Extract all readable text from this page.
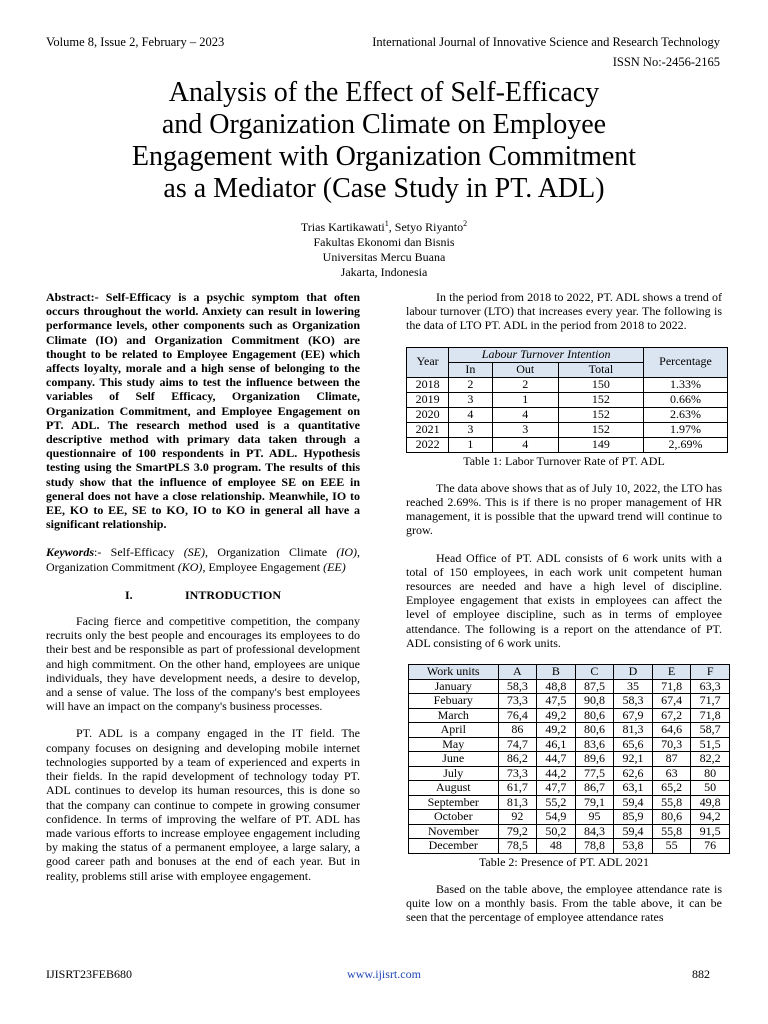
Volume 8, Issue 2, February – 2023	International Journal of Innovative Science and Research Technology
ISSN No:-2456-2165
Analysis of the Effect of Self-Efficacy
and Organization Climate on Employee
Engagement with Organization Commitment
as a Mediator (Case Study in PT. ADL)
Trias Kartikawati$^1$, Setyo Riyanto$^2$
Fakultas Ekonomi dan Bisnis
Universitas Mercu Buana
Jakarta, Indonesia

Abstract:- Self-Efficacy is a psychic symptom that often occurs throughout the world. Anxiety can result in lowering performance levels, other components such as Organization Climate (IO) and Organization Commitment (KO) are thought to be related to Employee Engagement (EE) which affects loyalty, morale and a high sense of belonging to the company. This study aims to test the influence between the variables of Self Efficacy, Organization Climate, Organization Commitment, and Employee Engagement on PT. ADL. The research method used is a quantitative descriptive method with primary data taken through a questionnaire of 100 respondents in PT. ADL. Hypothesis testing using the SmartPLS 3.0 program. The results of this study show that the influence of employee SE on EEE in general does not have a close relationship. Meanwhile, IO to EE, KO to EE, SE to KO, IO to KO in general all have a significant relationship.

Keywords:- Self-Efficacy (SE), Organization Climate (IO), Organization Commitment (KO), Employee Engagement (EE)

I.	INTRODUCTION

Facing fierce and competitive competition, the company recruits only the best people and encourages its employees to do their best and be responsible as part of professional development and high commitment. On the other hand, employees are unique individuals, they have development needs, a desire to develop, and a sense of value. The loss of the company's best employees will have an impact on the company's business processes.

PT. ADL is a company engaged in the IT field. The company focuses on designing and developing mobile internet technologies supported by a team of experienced and experts in their fields. In the rapid development of technology today PT. ADL continues to develop its human resources, this is done so that the company can continue to compete in growing consumer confidence. In terms of improving the welfare of PT. ADL has made various efforts to increase employee engagement including by making the status of a permanent employee, a large salary, a good career path and bonuses at the end of each year. But in reality, problems still arise with employee engagement.

In the period from 2018 to 2022, PT. ADL shows a trend of labour turnover (LTO) that increases every year. The following is the data of LTO PT. ADL in the period from 2018 to 2022.

Year	Labour Turnover Intention			Percentage
	In	Out	Total	
2018	2	2	150	1.33%
2019	3	1	152	0.66%
2020	4	4	152	2.63%
2021	3	3	152	1.97%
2022	1	4	149	2,.69%
Table 1: Labor Turnover Rate of PT. ADL

The data above shows that as of July 10, 2022, the LTO has reached 2.69%. This is if there is no proper management of HR management, it is possible that the upward trend will continue to grow.

Head Office of PT. ADL consists of 6 work units with a total of 150 employees, in each work unit competent human resources are needed and have a high level of discipline. Employee engagement that exists in employees can affect the level of employee discipline, such as in terms of employee attendance. The following is a report on the attendance of PT. ADL consisting of 6 work units.

Work units	A	B	C	D	E	F
January	58,3	48,8	87,5	35	71,8	63,3
Febuary	73,3	47,5	90,8	58,3	67,4	71,7
March	76,4	49,2	80,6	67,9	67,2	71,8
April	86	49,2	80,6	81,3	64,6	58,7
May	74,7	46,1	83,6	65,6	70,3	51,5
June	86,2	44,7	89,6	92,1	87	82,2
July	73,3	44,2	77,5	62,6	63	80
August	61,7	47,7	86,7	63,1	65,2	50
September	81,3	55,2	79,1	59,4	55,8	49,8
October	92	54,9	95	85,9	80,6	94,2
November	79,2	50,2	84,3	59,4	55,8	91,5
December	78,5	48	78,8	53,8	55	76
Table 2: Presence of PT. ADL 2021

Based on the table above, the employee attendance rate is quite low on a monthly basis. From the table above, it can be seen that the percentage of employee attendance rates

IJISRT23FEB680	www.ijisrt.com	882
